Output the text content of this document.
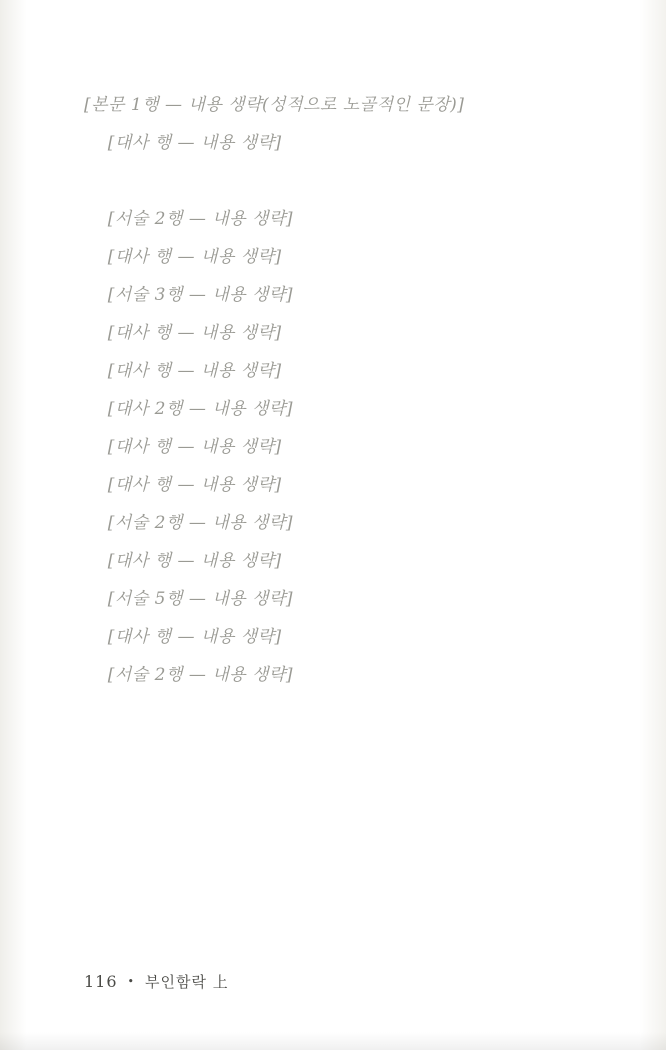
[본문 1행 — 내용 생략(성적으로 노골적인 문장)]

[대사 행 — 내용 생략]

[서술 2행 — 내용 생략]

[대사 행 — 내용 생략]

[서술 3행 — 내용 생략]

[대사 행 — 내용 생략]

[대사 행 — 내용 생략]

[대사 2행 — 내용 생략]

[대사 행 — 내용 생략]

[대사 행 — 내용 생략]

[서술 2행 — 내용 생략]

[대사 행 — 내용 생략]

[서술 5행 — 내용 생략]

[대사 행 — 내용 생략]

[서술 2행 — 내용 생략]

116 • 부인함락 上
